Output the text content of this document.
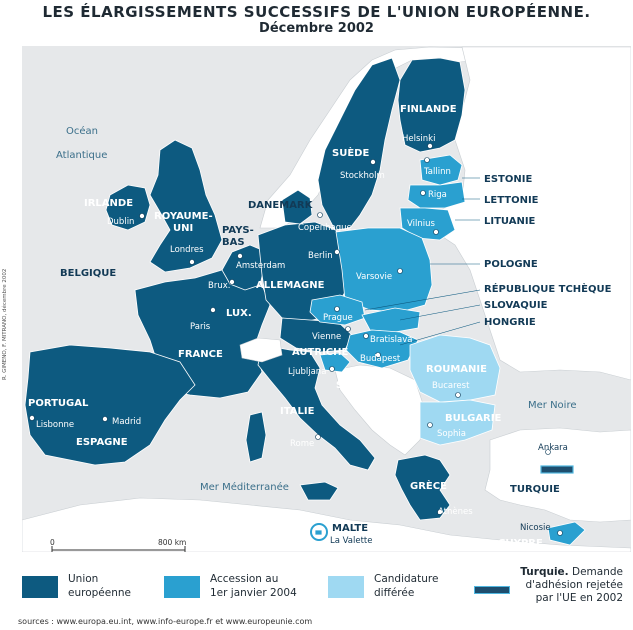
LES ÉLARGISSEMENTS SUCCESSIFS DE L'UNION EUROPÉENNE.
Décembre 2002
Océan
Atlantique
Mer Noire
Mer Méditerranée
IRLANDE
ROYAUME-
UNI
BELGIQUE
PAYS-
BAS
DANEMARK
ALLEMAGNE
LUX.
FRANCE	AUTRICHE
ITALIE
PORTUGAL
ESPAGNE
SUÈDE
FINLANDE
ESTONIE
LETTONIE
LITUANIE
POLOGNE
RÉPUBLIQUE TCHÈQUE
SLOVAQUIE
HONGRIE
SLOVÉNIE
ROUMANIE
BULGARIE
GRÈCE	TURQUIE
MALTE
CHYPRE
Dublin
Londres
Amsterdam
Brux.
Paris
Lisbonne	Madrid
Berlin
Copenhague
Stockholm
Helsinki
Tallinn
Riga
Vilnius
Varsovie
Prague
Vienne	Bratislava
Budapest
Ljubljana
Rome
Bucarest
Sophia
Athènes
Ankara
Nicosie
La Valette
0	800 km
R. GIMENO, F. MITRANO, décembre 2002
Union
européenne
Accession au
1er janvier 2004
Candidature
différée
Turquie. Demande
d'adhésion rejetée
par l'UE en 2002
sources : www.europa.eu.int, www.info-europe.fr et www.europeunie.com
